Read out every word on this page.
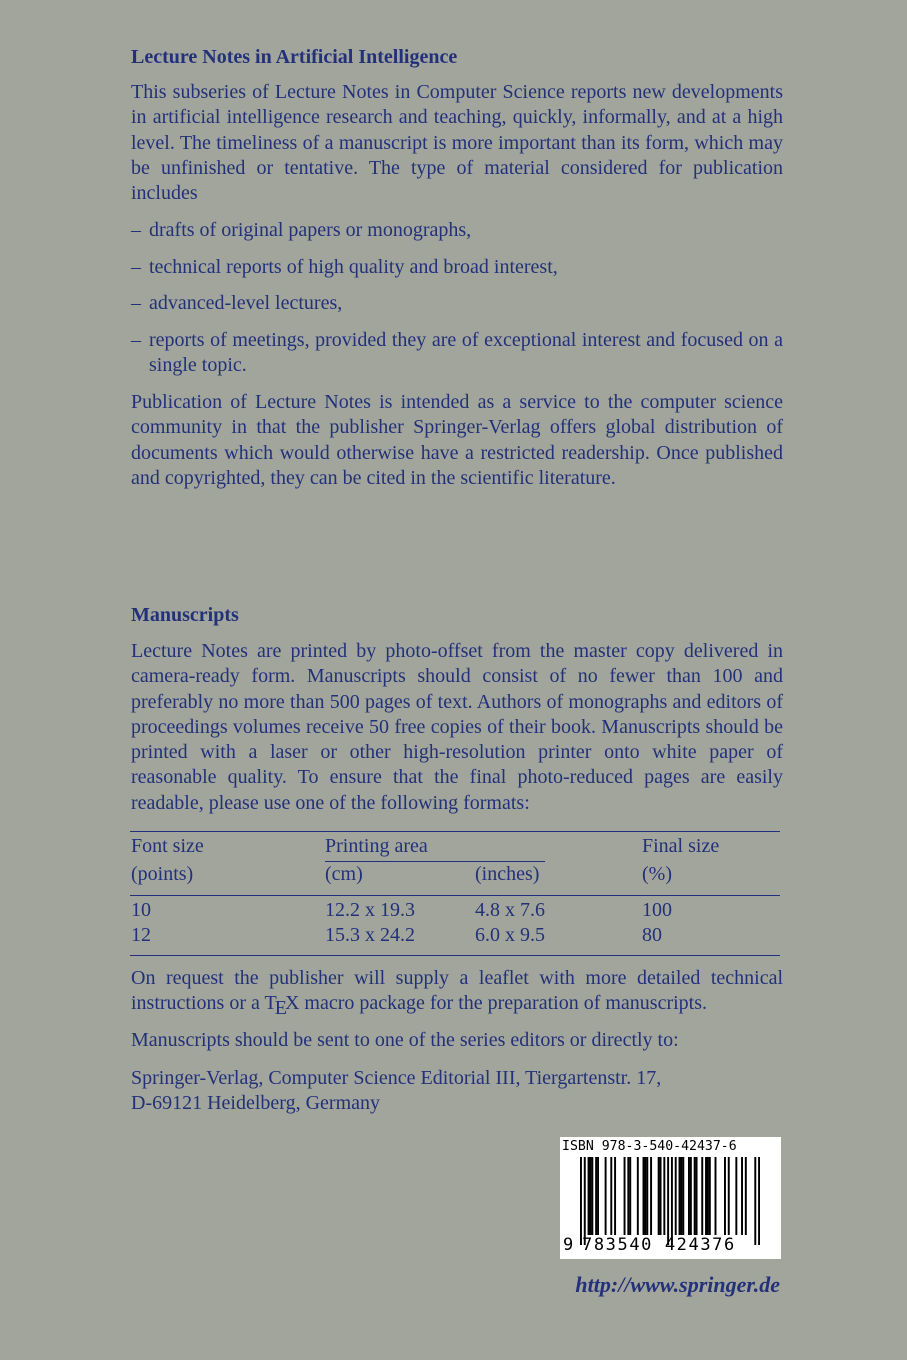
Lecture Notes in Artificial Intelligence

This subseries of Lecture Notes in Computer Science reports new developments in artificial intelligence research and teaching, quickly, informally, and at a high level. The timeliness of a manuscript is more important than its form, which may be unfinished or tentative. The type of material considered for publication includes

– drafts of original papers or monographs,
– technical reports of high quality and broad interest,
– advanced-level lectures,
– reports of meetings, provided they are of exceptional interest and focused on a single topic.

Publication of Lecture Notes is intended as a service to the computer science community in that the publisher Springer-Verlag offers global distribution of documents which would otherwise have a restricted readership. Once published and copyrighted, they can be cited in the scientific literature.

Manuscripts

Lecture Notes are printed by photo-offset from the master copy delivered in camera-ready form. Manuscripts should consist of no fewer than 100 and preferably no more than 500 pages of text. Authors of monographs and editors of proceedings volumes receive 50 free copies of their book. Manuscripts should be printed with a laser or other high-resolution printer onto white paper of reasonable quality. To ensure that the final photo-reduced pages are easily readable, please use one of the following formats:

Font size	Printing area	Final size
(points)	(cm)	(inches)	(%)
10	12.2 x 19.3	4.8 x 7.6	100
12	15.3 x 24.2	6.0 x 9.5	80

On request the publisher will supply a leaflet with more detailed technical instructions or a TEX macro package for the preparation of manuscripts.

Manuscripts should be sent to one of the series editors or directly to:

Springer-Verlag, Computer Science Editorial III, Tiergartenstr. 17,
D-69121 Heidelberg, Germany

ISBN 978-3-540-42437-6
9 783540 424376
http://www.springer.de
